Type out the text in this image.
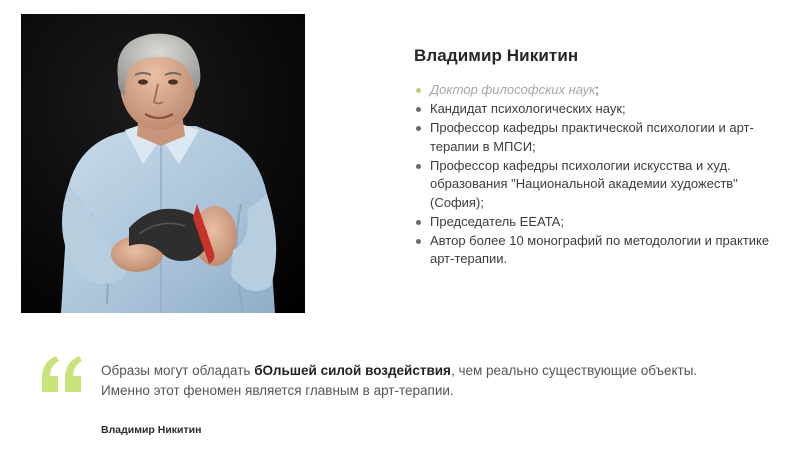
Владимир Никитин
Доктор философских наук;
Кандидат психологических наук;
Профессор кафедры практической психологии и арт-терапии в МПСИ;
Профессор кафедры психологии искусства и худ. образования "Национальной академии художеств" (София);
Председатель EEATA;
Автор более 10 монографий по методологии и практике арт-терапии.

Образы могут обладать бОльшей силой воздействия, чем реально существующие объекты. Именно этот феномен является главным в арт-терапии.

Владимир Никитин
